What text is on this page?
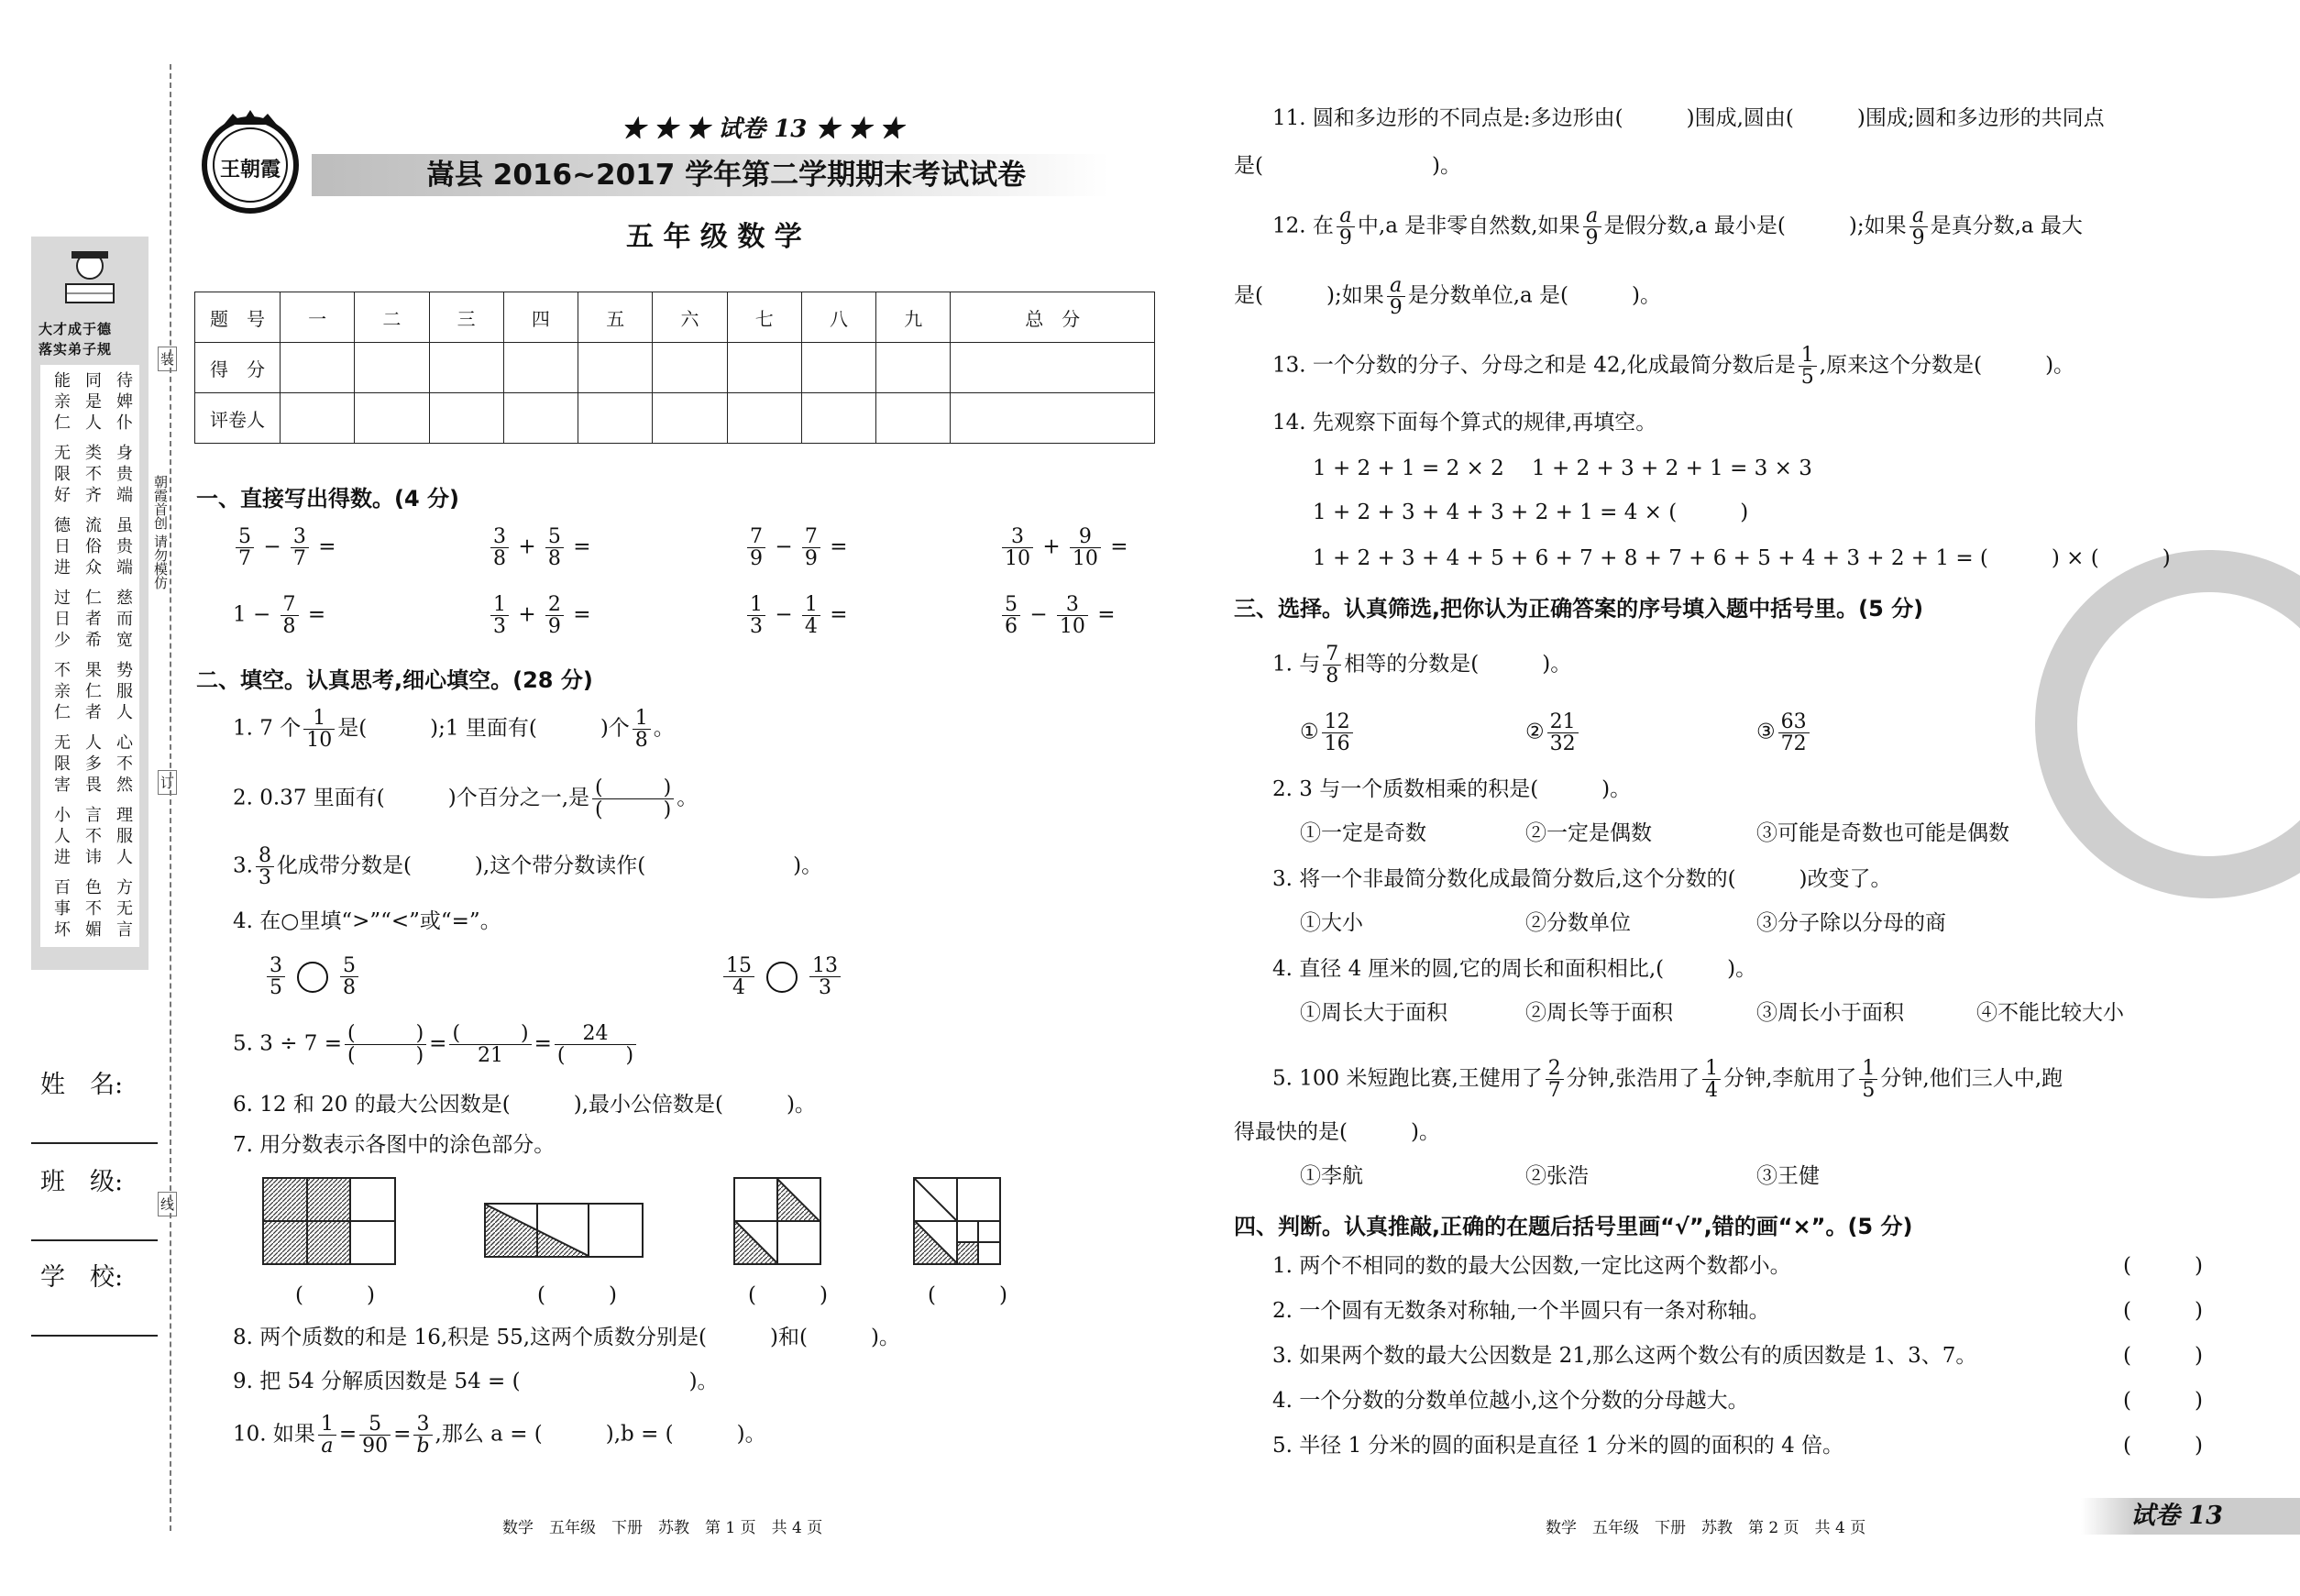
大才成于德
落实弟子规
能亲仁
同是人
待婢仆
无限好
类不齐
身贵端
德日进
流俗众
虽贵端
过日少
仁者希
慈而宽
不亲仁
果仁者
势服人
无限害
人多畏
心不然
小人进
言不讳
理服人
百事坏
色不媚
方无言
朝霞首创 请勿模仿
装
订
线
姓　名:
班　级:
学　校:
王朝霞
★ ★ ★ 试卷 13 ★ ★ ★
嵩县 2016~2017 学年第二学期期末考试试卷
五 年 级 数 学
题　号	一	二	三	四	五	六	七	八	九	总　分
得　分										
评卷人										
一、直接写出得数。(4 分)
$\frac{5}{7} - \frac{3}{7}$ =	$\frac{3}{8} + \frac{5}{8}$ =	$\frac{7}{9} - \frac{7}{9}$ =	$\frac{3}{10} + \frac{9}{10}$ =
$1 - \frac{7}{8}$ =	$\frac{1}{3} + \frac{2}{9}$ =	$\frac{1}{3} - \frac{1}{4}$ =	$\frac{5}{6} - \frac{3}{10}$ =
二、填空。认真思考,细心填空。(28 分)
1. 7 个 $\frac{1}{10}$ 是(　　　);1 里面有(　　　)个 $\frac{1}{8}$ 。
2. 0.37 里面有(　　　)个百分之一,是 $\frac{( )}{( )}$ 。
3. $\frac{8}{3}$ 化成带分数是(　　　),这个带分数读作(　　　　　　　)。
4. 在○里填“>”“<”或“=”。
$\frac{3}{5}$	$\frac{5}{8}$	$\frac{15}{4}$	$\frac{13}{3}$
5. $3 \div 7 = \frac{( )}{( )} = \frac{( )}{21} = \frac{24}{( )}$
6. 12 和 20 的最大公因数是(　　　),最小公倍数是(　　　)。
7. 用分数表示各图中的涂色部分。
(　　　)	(　　　)	(　　　)	(　　　)
8. 两个质数的和是 16,积是 55,这两个质数分别是(　　　)和(　　　)。
9. 把 54 分解质因数是 54 = (　　　　　　　　)。
10. 如果 $\frac{1}{a} = \frac{5}{90} = \frac{3}{b}$ ,那么 a = (　　　),b = (　　　)。
数学　五年级　下册　苏教　第 1 页　共 4 页
11. 圆和多边形的不同点是:多边形由(　　　)围成,圆由(　　　)围成;圆和多边形的共同点
是(　　　　　　　　)。
12. 在 $\frac{a}{9}$ 中,a 是非零自然数,如果 $\frac{a}{9}$ 是假分数,a 最小是(　　　);如果 $\frac{a}{9}$ 是真分数,a 最大
是(　　　);如果 $\frac{a}{9}$ 是分数单位,a 是(　　　)。
13. 一个分数的分子、分母之和是 42,化成最简分数后是 $\frac{1}{5}$ ,原来这个分数是(　　　)。
14. 先观察下面每个算式的规律,再填空。
1 + 2 + 1 = 2 × 2　 1 + 2 + 3 + 2 + 1 = 3 × 3
1 + 2 + 3 + 4 + 3 + 2 + 1 = 4 × (　　　)
1 + 2 + 3 + 4 + 5 + 6 + 7 + 8 + 7 + 6 + 5 + 4 + 3 + 2 + 1 = (　　　) × (　　　)
三、选择。认真筛选,把你认为正确答案的序号填入题中括号里。(5 分)
1. 与 $\frac{7}{8}$ 相等的分数是(　　　)。
① $\frac{12}{16}$	② $\frac{21}{32}$	③ $\frac{63}{72}$
2. 3 与一个质数相乘的积是(　　　)。
①一定是奇数	②一定是偶数	③可能是奇数也可能是偶数
3. 将一个非最简分数化成最简分数后,这个分数的(　　　)改变了。
①大小	②分数单位	③分子除以分母的商
4. 直径 4 厘米的圆,它的周长和面积相比,(　　　)。
①周长大于面积	②周长等于面积	③周长小于面积	④不能比较大小
5. 100 米短跑比赛,王健用了 $\frac{2}{7}$ 分钟,张浩用了 $\frac{1}{4}$ 分钟,李航用了 $\frac{1}{5}$ 分钟,他们三人中,跑
得最快的是(　　　)。
①李航	②张浩	③王健
四、判断。认真推敲,正确的在题后括号里画“√”,错的画“×”。(5 分)
1. 两个不相同的数的最大公因数,一定比这两个数都小。	(　　　)
2. 一个圆有无数条对称轴,一个半圆只有一条对称轴。	(　　　)
3. 如果两个数的最大公因数是 21,那么这两个数公有的质因数是 1、3、7。	(　　　)
4. 一个分数的分数单位越小,这个分数的分母越大。	(　　　)
5. 半径 1 分米的圆的面积是直径 1 分米的圆的面积的 4 倍。	(　　　)
数学　五年级　下册　苏教　第 2 页　共 4 页	试卷 13
